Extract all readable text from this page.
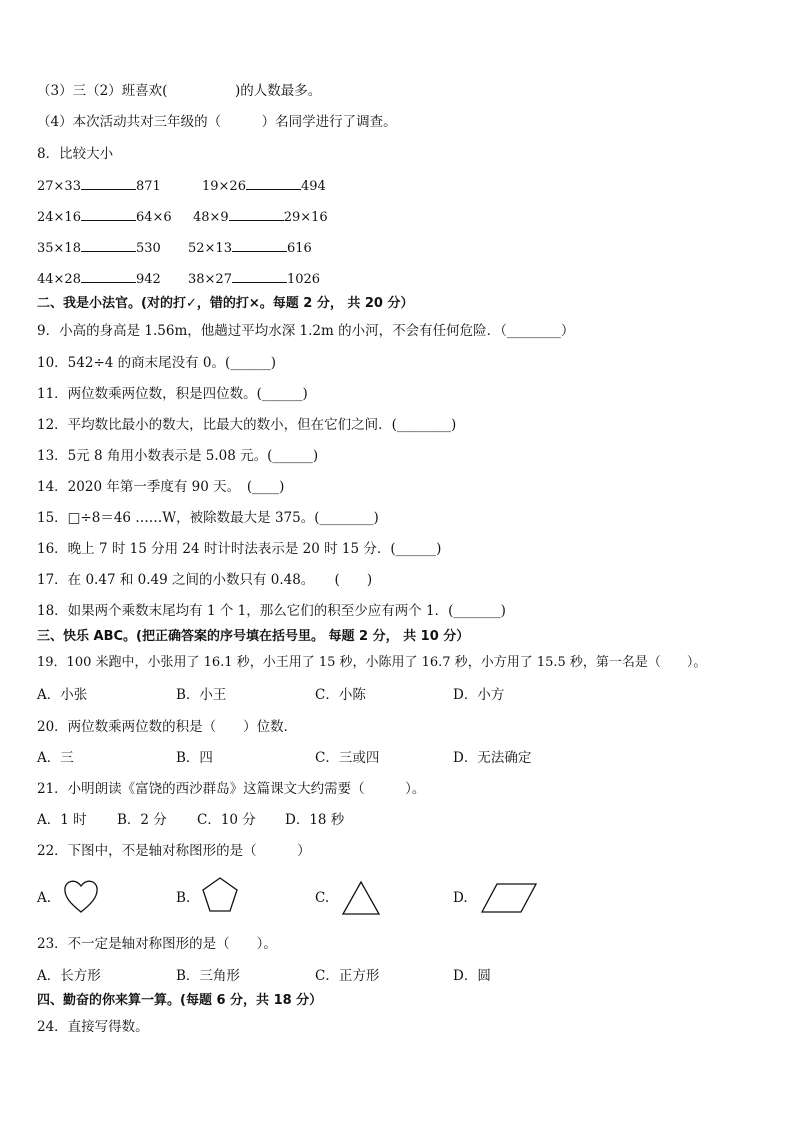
（3）三（2）班喜欢(　　　　　)的人数最多。
（4）本次活动共对三年级的（　　　）名同学进行了调查。
8．比较大小
27×33	871	19×26	494
24×16	64×6 48×9	29×16
35×18	530 52×13	616
44×28	942 38×27	1026
二、我是小法官。(对的打✓，错的打×。每题 2 分， 共 20 分）
9．小高的身高是 1.56m，他趟过平均水深 1.2m 的小河，不会有任何危险．（________）
10．542÷4 的商末尾没有 0。(______)
11．两位数乘两位数，积是四位数。(______)
12．平均数比最小的数大，比最大的数小，但在它们之间．(________)
13．5元 8 角用小数表示是 5.08 元。(______)
14．2020 年第一季度有 90 天。　(____)
15．□÷8＝46 ……W，被除数最大是 375。(________)
16．晚上 7 时 15 分用 24 时计时法表示是 20 时 15 分．(______)
17．在 0.47 和 0.49 之间的小数只有 0.48。　　(　　)
18．如果两个乘数末尾均有 1 个 1，那么它们的积至少应有两个 1．(_______)
三、快乐 ABC。(把正确答案的序号填在括号里。 每题 2 分， 共 10 分）
19．100 米跑中，小张用了 16.1 秒，小王用了 15 秒，小陈用了 16.7 秒，小方用了 15.5 秒，第一名是（　　）。
A．小张	B．小王	C．小陈	D．小方
20．两位数乘两位数的积是（　　）位数．
A．三	B．四	C．三或四	D．无法确定
21．小明朗读《富饶的西沙群岛》这篇课文大约需要（　　　）。
A．1 时 B．2 分 C．10 分 D．18 秒
22．下图中，不是轴对称图形的是（　　　）
A.	B.	C.	D.
23．不一定是轴对称图形的是（　　）。
A．长方形	B．三角形	C．正方形	D．圆
四、勤奋的你来算一算。(每题 6 分，共 18 分）
24．直接写得数。
